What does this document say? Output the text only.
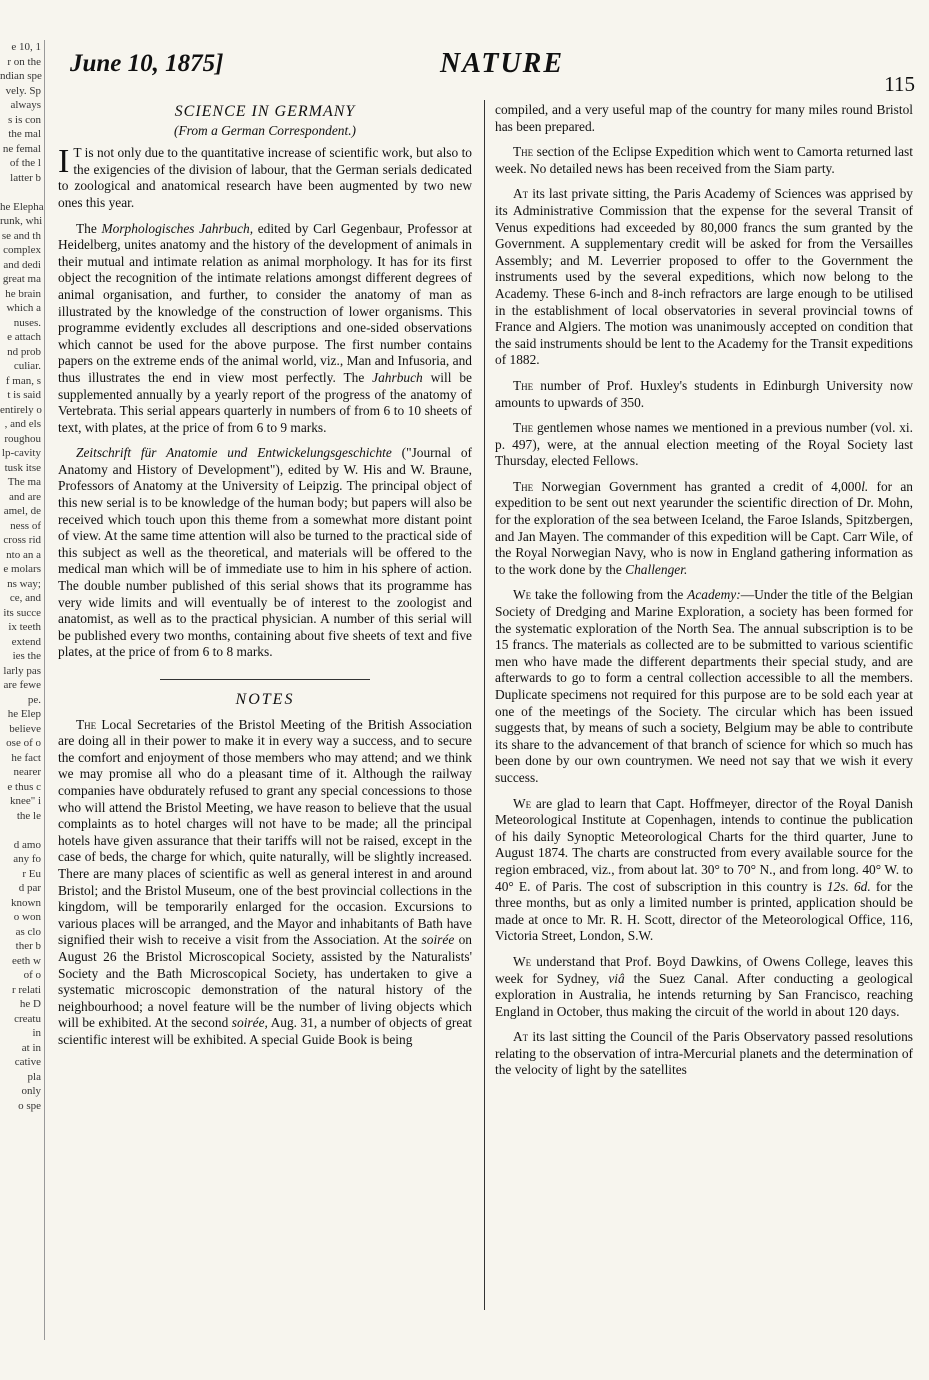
e 10, 1
r on the
ndian spe
vely. Sp
always
s is con
the mal
ne femal
of the l
latter b

he Elepha
runk, whi
se and th
complex
and dedi
great ma
he brain
which a
nuses.
e attach
nd prob
culiar.
f man, s
t is said
entirely o
, and els
roughou
lp-cavity
tusk itse
The ma
and are
amel, de
ness of
cross rid
nto an a
e molars
ns way;
ce, and
its succe
ix teeth
extend
ies the
larly pas
are fewe
pe.
he Elep
believe
ose of o
he fact
nearer
e thus c
knee" i
the le

d amo
any fo
r Eu
d par
known
o won
as clo
ther b
eeth w
of o
r relati
he D
creatu
in
at in
cative
pla
only
o spe
June 10, 1875]	NATURE
115
SCIENCE IN GERMANY
(From a German Correspondent.)

I T is not only due to the quantitative increase of scientific work, but also to the exigencies of the division of labour, that the German serials dedicated to zoological and anatomical research have been augmented by two new ones this year.

The Morphologisches Jahrbuch, edited by Carl Gegenbaur, Professor at Heidelberg, unites anatomy and the history of the development of animals in their mutual and intimate relation as animal morphology. It has for its first object the recognition of the intimate relations amongst different degrees of animal organisation, and further, to consider the anatomy of man as illustrated by the knowledge of the construction of lower organisms. This programme evidently excludes all descriptions and one-sided observations which cannot be used for the above purpose. The first number contains papers on the extreme ends of the animal world, viz., Man and Infusoria, and thus illustrates the end in view most perfectly. The Jahrbuch will be supplemented annually by a yearly report of the progress of the anatomy of Vertebrata. This serial appears quarterly in numbers of from 6 to 10 sheets of text, with plates, at the price of from 6 to 9 marks.

Zeitschrift für Anatomie und Entwickelungsgeschichte ("Journal of Anatomy and History of Development"), edited by W. His and W. Braune, Professors of Anatomy at the University of Leipzig. The principal object of this new serial is to be knowledge of the human body; but papers will also be received which touch upon this theme from a somewhat more distant point of view. At the same time attention will also be turned to the practical side of this subject as well as the theoretical, and materials will be offered to the medical man which will be of immediate use to him in his sphere of action. The double number published of this serial shows that its programme has very wide limits and will eventually be of interest to the zoologist and anatomist, as well as to the practical physician. A number of this serial will be published every two months, containing about five sheets of text and five plates, at the price of from 6 to 8 marks.

NOTES

The Local Secretaries of the Bristol Meeting of the British Association are doing all in their power to make it in every way a success, and to secure the comfort and enjoyment of those members who may attend; and we think we may promise all who do a pleasant time of it. Although the railway companies have obdurately refused to grant any special concessions to those who will attend the Bristol Meeting, we have reason to believe that the usual complaints as to hotel charges will not have to be made; all the principal hotels have given assurance that their tariffs will not be raised, except in the case of beds, the charge for which, quite naturally, will be slightly increased. There are many places of scientific as well as general interest in and around Bristol; and the Bristol Museum, one of the best provincial collections in the kingdom, will be temporarily enlarged for the occasion. Excursions to various places will be arranged, and the Mayor and inhabitants of Bath have signified their wish to receive a visit from the Association. At the soirée on August 26 the Bristol Microscopical Society, assisted by the Naturalists' Society and the Bath Microscopical Society, has undertaken to give a systematic microscopic demonstration of the natural history of the neighbourhood; a novel feature will be the number of living objects which will be exhibited. At the second soirée, Aug. 31, a number of objects of great scientific interest will be exhibited. A special Guide Book is being

compiled, and a very useful map of the country for many miles round Bristol has been prepared.

The section of the Eclipse Expedition which went to Camorta returned last week. No detailed news has been received from the Siam party.

At its last private sitting, the Paris Academy of Sciences was apprised by its Administrative Commission that the expense for the several Transit of Venus expeditions had exceeded by 80,000 francs the sum granted by the Government. A supplementary credit will be asked for from the Versailles Assembly; and M. Leverrier proposed to offer to the Government the instruments used by the several expeditions, which now belong to the Academy. These 6-inch and 8-inch refractors are large enough to be utilised in the establishment of local observatories in several provincial towns of France and Algiers. The motion was unanimously accepted on condition that the said instruments should be lent to the Academy for the Transit expeditions of 1882.

The number of Prof. Huxley's students in Edinburgh University now amounts to upwards of 350.

The gentlemen whose names we mentioned in a previous number (vol. xi. p. 497), were, at the annual election meeting of the Royal Society last Thursday, elected Fellows.

The Norwegian Government has granted a credit of 4,000l. for an expedition to be sent out next yearunder the scientific direction of Dr. Mohn, for the exploration of the sea between Iceland, the Faroe Islands, Spitzbergen, and Jan Mayen. The commander of this expedition will be Capt. Carr Wile, of the Royal Norwegian Navy, who is now in England gathering information as to the work done by the Challenger.

We take the following from the Academy:—Under the title of the Belgian Society of Dredging and Marine Exploration, a society has been formed for the systematic exploration of the North Sea. The annual subscription is to be 15 francs. The materials as collected are to be submitted to various scientific men who have made the different departments their special study, and are afterwards to go to form a central collection accessible to all the members. Duplicate specimens not required for this purpose are to be sold each year at one of the meetings of the Society. The circular which has been issued suggests that, by means of such a society, Belgium may be able to contribute its share to the advancement of that branch of science for which so much has been done by our own countrymen. We need not say that we wish it every success.

We are glad to learn that Capt. Hoffmeyer, director of the Royal Danish Meteorological Institute at Copenhagen, intends to continue the publication of his daily Synoptic Meteorological Charts for the third quarter, June to August 1874. The charts are constructed from every available source for the region embraced, viz., from about lat. 30° to 70° N., and from long. 40° W. to 40° E. of Paris. The cost of subscription in this country is 12s. 6d. for the three months, but as only a limited number is printed, application should be made at once to Mr. R. H. Scott, director of the Meteorological Office, 116, Victoria Street, London, S.W.

We understand that Prof. Boyd Dawkins, of Owens College, leaves this week for Sydney, viâ the Suez Canal. After conducting a geological exploration in Australia, he intends returning by San Francisco, reaching England in October, thus making the circuit of the world in about 120 days.

At its last sitting the Council of the Paris Observatory passed resolutions relating to the observation of intra-Mercurial planets and the determination of the velocity of light by the satellites
